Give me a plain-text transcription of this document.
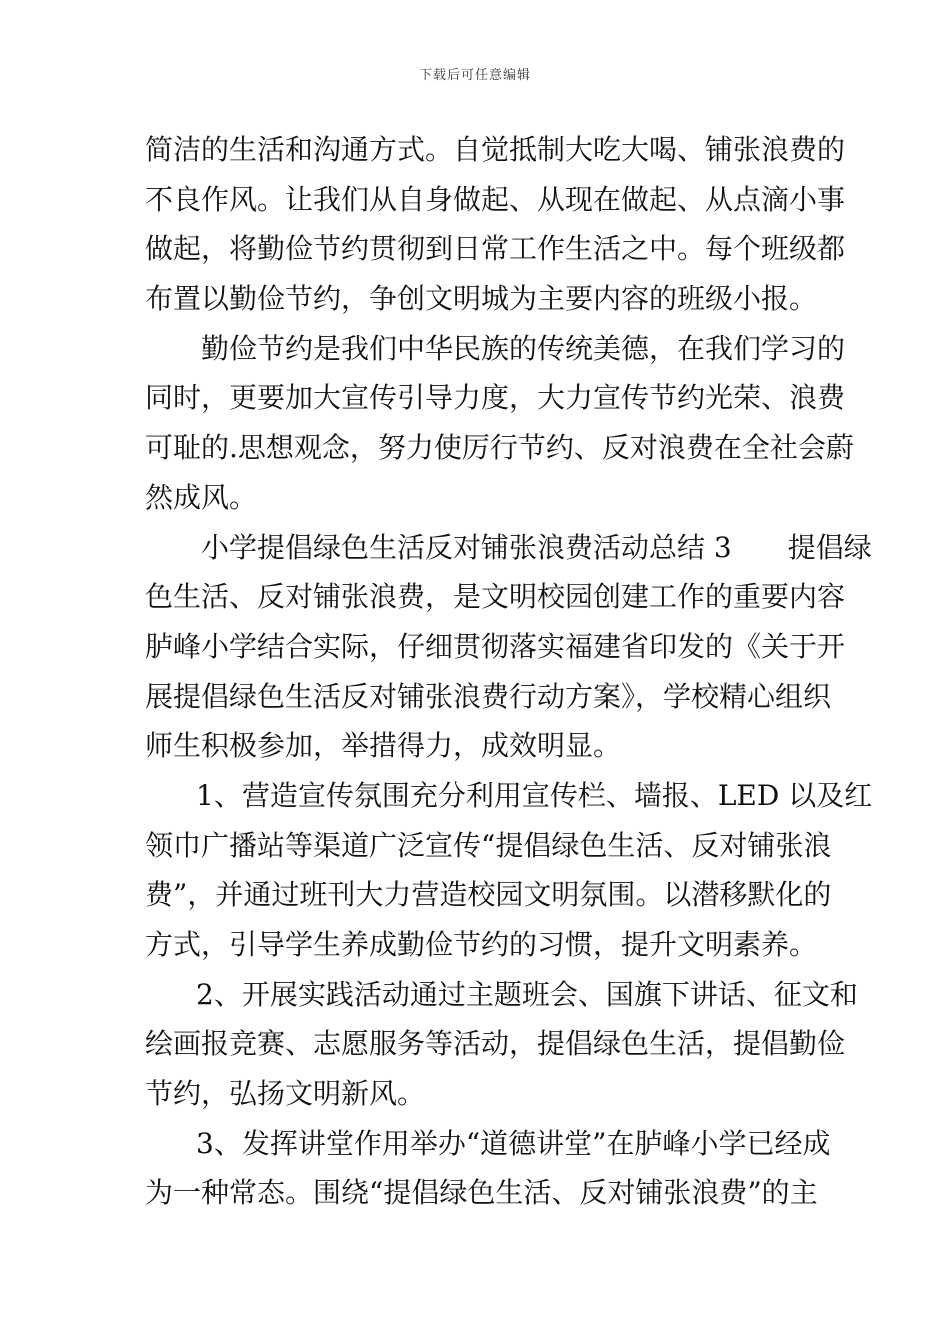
下载后可任意编辑
简洁的生活和沟通方式。自觉抵制大吃大喝、铺张浪费的
不良作风。让我们从自身做起、从现在做起、从点滴小事
做起，将勤俭节约贯彻到日常工作生活之中。每个班级都
布置以勤俭节约，争创文明城为主要内容的班级小报。
勤俭节约是我们中华民族的传统美德，在我们学习的
同时，更要加大宣传引导力度，大力宣传节约光荣、浪费
可耻的.思想观念，努力使厉行节约、反对浪费在全社会蔚
然成风。
小学提倡绿色生活反对铺张浪费活动总结 3　　提倡绿
色生活、反对铺张浪费，是文明校园创建工作的重要内容
胪峰小学结合实际，仔细贯彻落实福建省印发的《关于开
展提倡绿色生活反对铺张浪费行动方案》，学校精心组织
师生积极参加，举措得力，成效明显。
1、营造宣传氛围充分利用宣传栏、墙报、LED 以及红
领巾广播站等渠道广泛宣传“提倡绿色生活、反对铺张浪
费”，并通过班刊大力营造校园文明氛围。以潜移默化的
方式，引导学生养成勤俭节约的习惯，提升文明素养。
2、开展实践活动通过主题班会、国旗下讲话、征文和
绘画报竞赛、志愿服务等活动，提倡绿色生活，提倡勤俭
节约，弘扬文明新风。
3、发挥讲堂作用举办“道德讲堂”在胪峰小学已经成
为一种常态。围绕“提倡绿色生活、反对铺张浪费”的主
